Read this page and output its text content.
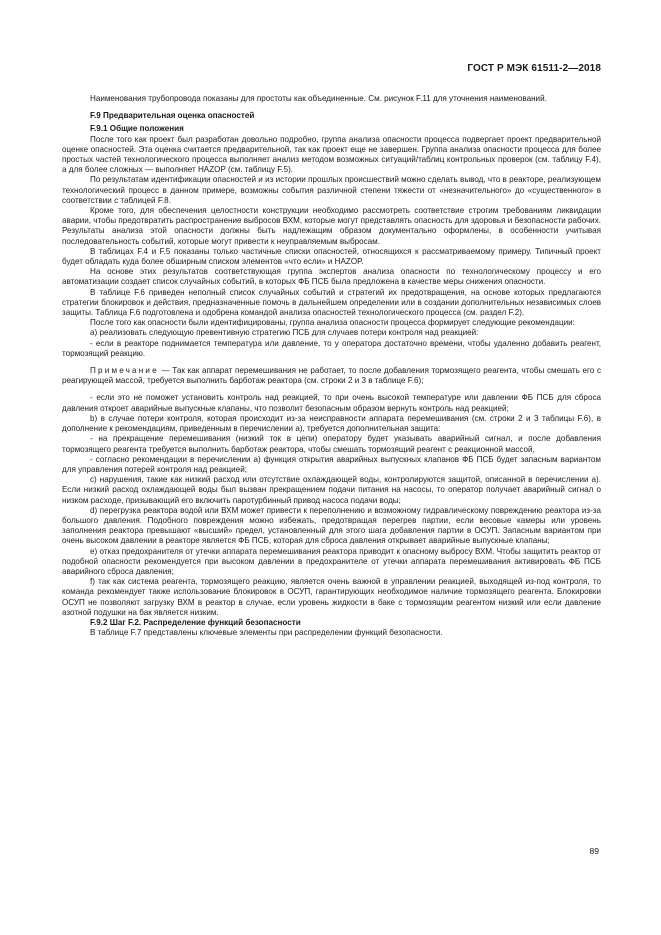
ГОСТ Р МЭК 61511-2—2018

Наименования трубопровода показаны для простоты как объединенные. См. рисунок F.11 для уточнения наименований.

F.9 Предварительная оценка опасностей

F.9.1 Общие положения

После того как проект был разработан довольно подробно, группа анализа опасности процесса подвергает проект предварительной оценке опасностей. Эта оценка считается предварительной, так как проект еще не завершен. Группа анализа опасности процесса для более простых частей технологического процесса выполняет анализ методом возможных ситуаций/таблиц контрольных проверок (см. таблицу F.4), а для более сложных — выполняет HAZOP (см. таблицу F.5).

По результатам идентификации опасностей и из истории прошлых происшествий можно сделать вывод, что в реакторе, реализующем технологический процесс в данном примере, возможны события различной степени тяжести от «незначительного» до «существенного» в соответствии с таблицей F.8.

Кроме того, для обеспечения целостности конструкции необходимо рассмотреть соответствие строгим требованиям ликвидации аварии, чтобы предотвратить распространение выбросов ВХМ, которые могут представлять опасность для здоровья и безопасности рабочих. Результаты анализа этой опасности должны быть надлежащим образом документально оформлены, в особенности учитывая последовательность событий, которые могут привести к неуправляемым выбросам.

В таблицах F.4 и F.5 показаны только частичные списки опасностей, относящихся к рассматриваемому примеру. Типичный проект будет обладать куда более обширным списком элементов «что если» и HAZOP.

На основе этих результатов соответствующая группа экспертов анализа опасности по технологическому процессу и его автоматизации создает список случайных событий, в которых ФБ ПСБ была предложена в качестве меры снижения опасности.

В таблице F.6 приведен неполный список случайных событий и стратегий их предотвращения, на основе которых предлагаются стратегии блокировок и действия, предназначенные помочь в дальнейшем определении или в создании дополнительных независимых слоев защиты. Таблица F.6 подготовлена и одобрена командой анализа опасностей технологического процесса (см. раздел F.2).

После того как опасности были идентифицированы, группа анализа опасности процесса формирует следующие рекомендации:

а) реализовать следующую превентивную стратегию ПСБ для случаев потери контроля над реакцией:

- если в реакторе поднимается температура или давление, то у оператора достаточно времени, чтобы удаленно добавить реагент, тормозящий реакцию.

Примечание — Так как аппарат перемешивания не работает, то после добавления тормозящего реагента, чтобы смешать его с реагирующей массой, требуется выполнить барботаж реактора (см. строки 2 и 3 в таблице F.6);

- если это не поможет установить контроль над реакцией, то при очень высокой температуре или давлении ФБ ПСБ для сброса давления откроет аварийные выпускные клапаны, что позволит безопасным образом вернуть контроль над реакцией;

b) в случае потери контроля, которая происходит из-за неисправности аппарата перемешивания (см. строки 2 и 3 таблицы F.6), в дополнение к рекомендациям, приведенным в перечислении а), требуется дополнительная защита:

- на прекращение перемешивания (низкий ток в цепи) оператору будет указывать аварийный сигнал, и после добавления тормозящего реагента требуется выполнить барботаж реактора, чтобы смешать тормозящий реагент с реакционной массой,

- согласно рекомендации в перечислении а) функция открытия аварийных выпускных клапанов ФБ ПСБ будет запасным вариантом для управления потерей контроля над реакцией;

c) нарушения, такие как низкий расход или отсутствие охлаждающей воды, контролируются защитой, описанной в перечислении а). Если низкий расход охлаждающей воды был вызван прекращением подачи питания на насосы, то оператор получает аварийный сигнал о низком расходе, призывающий его включить паротурбинный привод насоса подачи воды;

d) перегрузка реактора водой или ВХМ может привести к переполнению и возможному гидравлическому повреждению реактора из-за большого давления. Подобного повреждения можно избежать, предотвращая перегрев партии, если весовые камеры или уровень заполнения реактора превышают «высший» предел, установленный для этого шага добавления партии в ОСУП. Запасным вариантом при очень высоком давлении в реакторе является ФБ ПСБ, которая для сброса давления открывает аварийные выпускные клапаны;

e) отказ предохранителя от утечки аппарата перемешивания реактора приводит к опасному выбросу ВХМ. Чтобы защитить реактор от подобной опасности рекомендуется при высоком давлении в предохранителе от утечки аппарата перемешивания активировать ФБ ПСБ аварийного сброса давления;

f) так как система реагента, тормозящего реакцию, является очень важной в управлении реакцией, выходящей из-под контроля, то команда рекомендует также использование блокировок в ОСУП, гарантирующих необходимое наличие тормозящего реагента. Блокировки ОСУП не позволяют загрузку ВХМ в реактор в случае, если уровень жидкости в баке с тормозящим реагентом низкий или если давление азотной подушки на бак является низким.

F.9.2 Шаг F.2. Распределение функций безопасности

В таблице F.7 представлены ключевые элементы при распределении функций безопасности.

89
